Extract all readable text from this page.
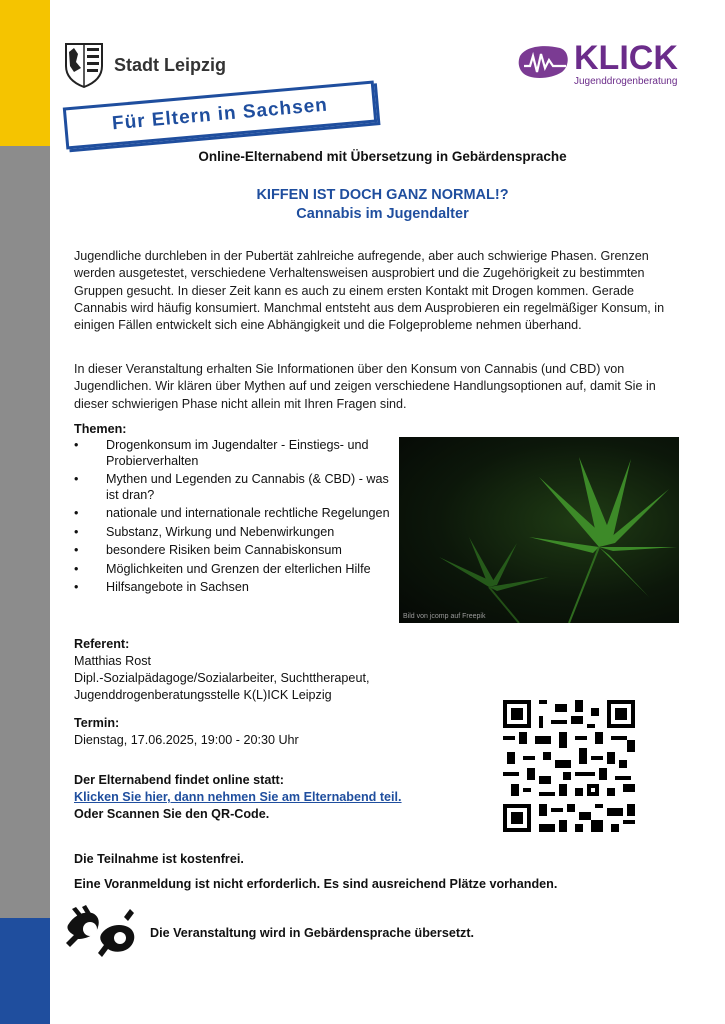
Stadt Leipzig	KLICK
Jugenddrogenberatung
Für Eltern in Sachsen
Online-Elternabend mit Übersetzung in Gebärdensprache
KIFFEN IST DOCH GANZ NORMAL!?
Cannabis im Jugendalter
Jugendliche durchleben in der Pubertät zahlreiche aufregende, aber auch schwierige Phasen. Grenzen werden ausgetestet, verschiedene Verhaltensweisen ausprobiert und die Zugehörigkeit zu bestimmten Gruppen gesucht. In dieser Zeit kann es auch zu einem ersten Kontakt mit Drogen kommen. Gerade Cannabis wird häufig konsumiert. Manchmal entsteht aus dem Ausprobieren ein regelmäßiger Konsum, in einigen Fällen entwickelt sich eine Abhängigkeit und die Folgeprobleme nehmen überhand.
In dieser Veranstaltung erhalten Sie Informationen über den Konsum von Cannabis (und CBD) von Jugendlichen. Wir klären über Mythen auf und zeigen verschiedene Handlungsoptionen auf, damit Sie in dieser schwierigen Phase nicht allein mit Ihren Fragen sind.
Themen:
• Drogenkonsum im Jugendalter - Einstiegs- und Probierverhalten
• Mythen und Legenden zu Cannabis (& CBD) - was ist dran?
• nationale und internationale rechtliche Regelungen
• Substanz, Wirkung und Nebenwirkungen
• besondere Risiken beim Cannabiskonsum
• Möglichkeiten und Grenzen der elterlichen Hilfe
• Hilfsangebote in Sachsen
Bild von jcomp auf Freepik
Referent:
Matthias Rost
Dipl.-Sozialpädagoge/Sozialarbeiter, Suchttherapeut,
Jugenddrogenberatungsstelle K(L)ICK Leipzig
Termin:
Dienstag, 17.06.2025, 19:00 - 20:30 Uhr
Der Elternabend findet online statt:
Klicken Sie hier, dann nehmen Sie am Elternabend teil.
Oder Scannen Sie den QR-Code.
Die Teilnahme ist kostenfrei.
Eine Voranmeldung ist nicht erforderlich. Es sind ausreichend Plätze vorhanden.
Die Veranstaltung wird in Gebärdensprache übersetzt.
